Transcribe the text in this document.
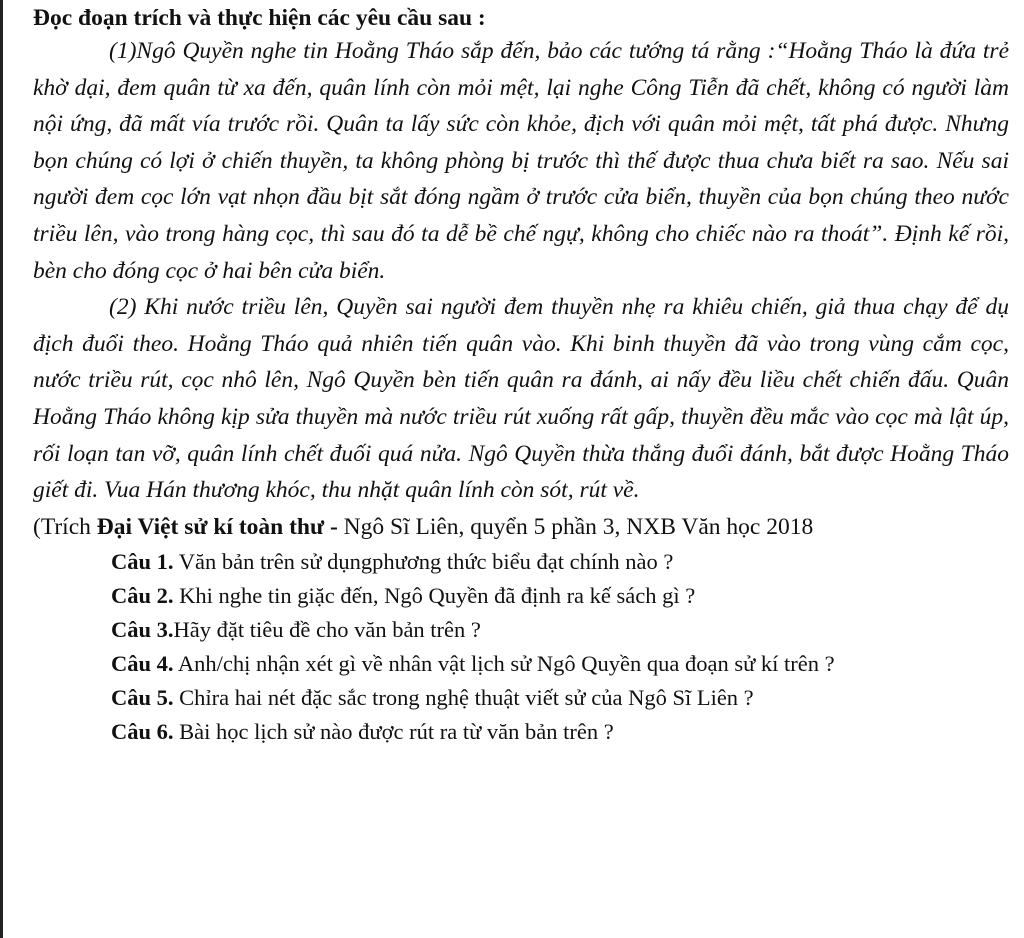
Đọc đoạn trích và thực hiện các yêu cầu sau :

(1)Ngô Quyền nghe tin Hoằng Tháo sắp đến, bảo các tướng tá rằng :“Hoằng Tháo là đứa trẻ khờ dại, đem quân từ xa đến, quân lính còn mỏi mệt, lại nghe Công Tiễn đã chết, không có người làm nội ứng, đã mất vía trước rồi. Quân ta lấy sức còn khỏe, địch với quân mỏi mệt, tất phá được. Nhưng bọn chúng có lợi ở chiến thuyền, ta không phòng bị trước thì thế được thua chưa biết ra sao. Nếu sai người đem cọc lớn vạt nhọn đầu bịt sắt đóng ngầm ở trước cửa biển, thuyền của bọn chúng theo nước triều lên, vào trong hàng cọc, thì sau đó ta dễ bề chế ngự, không cho chiếc nào ra thoát”. Định kế rồi, bèn cho đóng cọc ở hai bên cửa biển.

(2) Khi nước triều lên, Quyền sai người đem thuyền nhẹ ra khiêu chiến, giả thua chạy để dụ địch đuổi theo. Hoằng Tháo quả nhiên tiến quân vào. Khi binh thuyền đã vào trong vùng cắm cọc, nước triều rút, cọc nhô lên, Ngô Quyền bèn tiến quân ra đánh, ai nấy đều liều chết chiến đấu. Quân Hoằng Tháo không kịp sửa thuyền mà nước triều rút xuống rất gấp, thuyền đều mắc vào cọc mà lật úp, rối loạn tan vỡ, quân lính chết đuối quá nửa. Ngô Quyền thừa thắng đuổi đánh, bắt được Hoằng Tháo giết đi. Vua Hán thương khóc, thu nhặt quân lính còn sót, rút về.

(Trích Đại Việt sử kí toàn thư - Ngô Sĩ Liên, quyển 5 phần 3, NXB Văn học 2018
Câu 1. Văn bản trên sử dụngphương thức biểu đạt chính nào ?
Câu 2. Khi nghe tin giặc đến, Ngô Quyền đã định ra kế sách gì ?
Câu 3.Hãy đặt tiêu đề cho văn bản trên ?
Câu 4. Anh/chị nhận xét gì về nhân vật lịch sử Ngô Quyền qua đoạn sử kí trên ?
Câu 5. Chỉra hai nét đặc sắc trong nghệ thuật viết sử của Ngô Sĩ Liên ?
Câu 6. Bài học lịch sử nào được rút ra từ văn bản trên ?
